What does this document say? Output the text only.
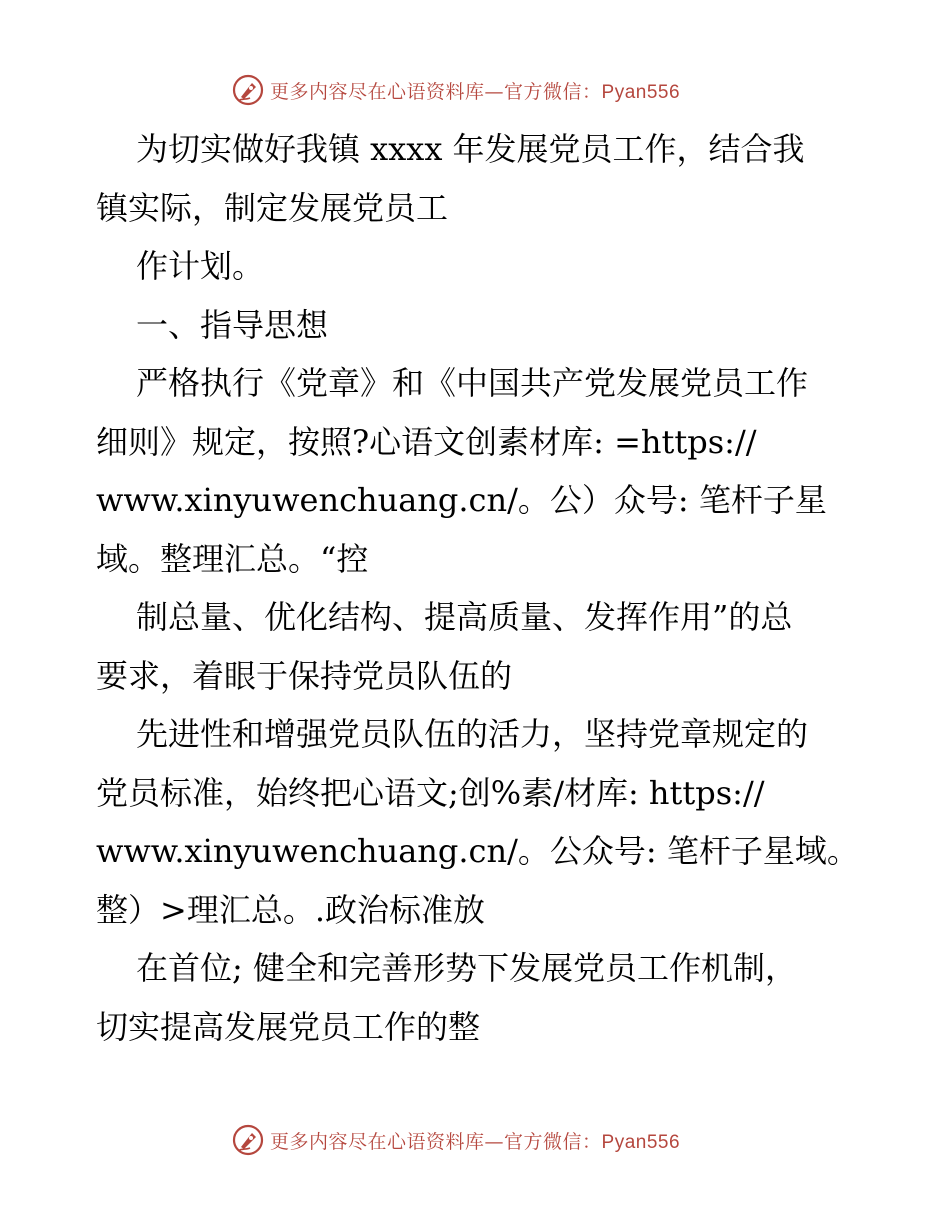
更多内容尽在心语资料库—官方微信：Pyan556
为切实做好我镇 xxxx 年发展党员工作，结合我
镇实际，制定发展党员工
作计划。
一、指导思想
严格执行《党章》和《中国共产党发展党员工作
细则》规定，按照?心语文创素材库: =https://
www.xinyuwenchuang.cn/。公）众号: 笔杆子星
域。整理汇总。“控
制总量、优化结构、提高质量、发挥作用”的总
要求，着眼于保持党员队伍的
先进性和增强党员队伍的活力，坚持党章规定的
党员标准，始终把心语文;创%素/材库: https://
www.xinyuwenchuang.cn/。公众号: 笔杆子星域。
整）>理汇总。.政治标准放
在首位; 健全和完善形势下发展党员工作机制，
切实提高发展党员工作的整
更多内容尽在心语资料库—官方微信：Pyan556
